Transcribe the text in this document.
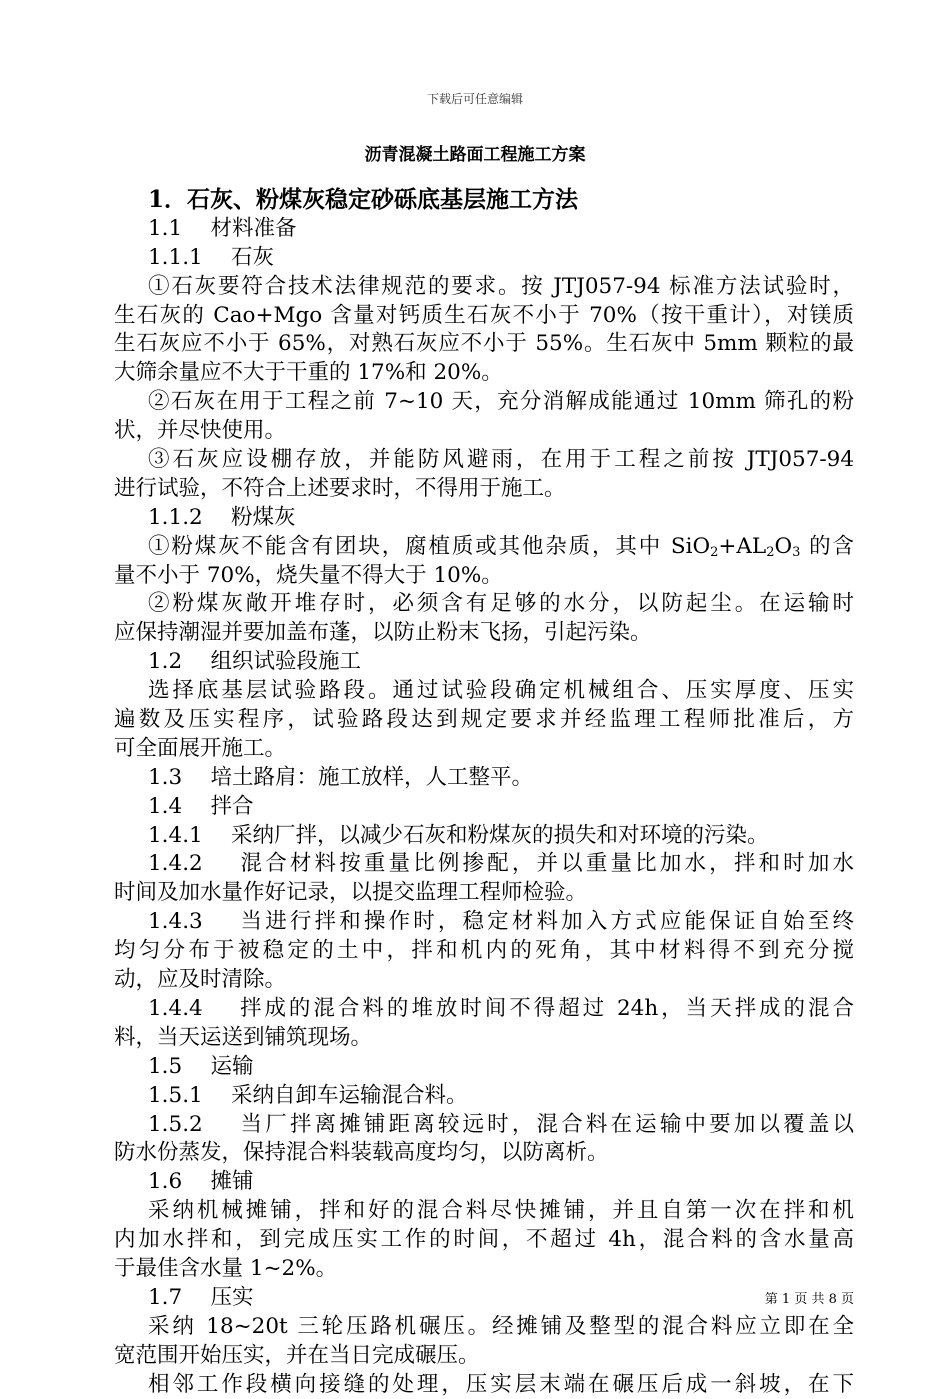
下载后可任意编辑
沥青混凝土路面工程施工方案
1．石灰、粉煤灰稳定砂砾底基层施工方法
1.1　 材料准备
1.1.1　 石灰
①石灰要符合技术法律规范的要求。按 JTJ057-94 标准方法试验时，
生石灰的 Cao+Mgo 含量对钙质生石灰不小于 70%（按干重计），对镁质
生石灰应不小于 65%，对熟石灰应不小于 55%。生石灰中 5mm 颗粒的最
大筛余量应不大于干重的 17%和 20%。
②石灰在用于工程之前 7~10 天，充分消解成能通过 10mm 筛孔的粉
状，并尽快使用。
③石灰应设棚存放，并能防风避雨，在用于工程之前按 JTJ057-94
进行试验，不符合上述要求时，不得用于施工。
1.1.2　 粉煤灰
①粉煤灰不能含有团块，腐植质或其他杂质，其中 $SiO_2+AL_2O_3$ 的含
量不小于 70%，烧失量不得大于 10%。
②粉煤灰敞开堆存时，必须含有足够的水分，以防起尘。在运输时
应保持潮湿并要加盖布蓬，以防止粉末飞扬，引起污染。
1.2　 组织试验段施工
选择底基层试验路段。通过试验段确定机械组合、压实厚度、压实
遍数及压实程序，试验路段达到规定要求并经监理工程师批准后，方
可全面展开施工。
1.3　 培土路肩：施工放样，人工整平。
1.4　 拌合
1.4.1　 采纳厂拌，以减少石灰和粉煤灰的损失和对环境的污染。
1.4.2　 混合材料按重量比例掺配，并以重量比加水，拌和时加水
时间及加水量作好记录，以提交监理工程师检验。
1.4.3　 当进行拌和操作时，稳定材料加入方式应能保证自始至终
均匀分布于被稳定的土中，拌和机内的死角，其中材料得不到充分搅
动，应及时清除。
1.4.4　 拌成的混合料的堆放时间不得超过 24h，当天拌成的混合
料，当天运送到铺筑现场。
1.5　 运输
1.5.1　 采纳自卸车运输混合料。
1.5.2　 当厂拌离摊铺距离较远时，混合料在运输中要加以覆盖以
防水份蒸发，保持混合料装载高度均匀，以防离析。
1.6　 摊铺
采纳机械摊铺，拌和好的混合料尽快摊铺，并且自第一次在拌和机
内加水拌和，到完成压实工作的时间，不超过 4h，混合料的含水量高
于最佳含水量 1~2%。
1.7　 压实
采纳 18~20t 三轮压路机碾压。经摊铺及整型的混合料应立即在全
宽范围开始压实，并在当日完成碾压。
相邻工作段横向接缝的处理，压实层末端在碾压后成一斜坡，在下
第 1 页 共 8 页
